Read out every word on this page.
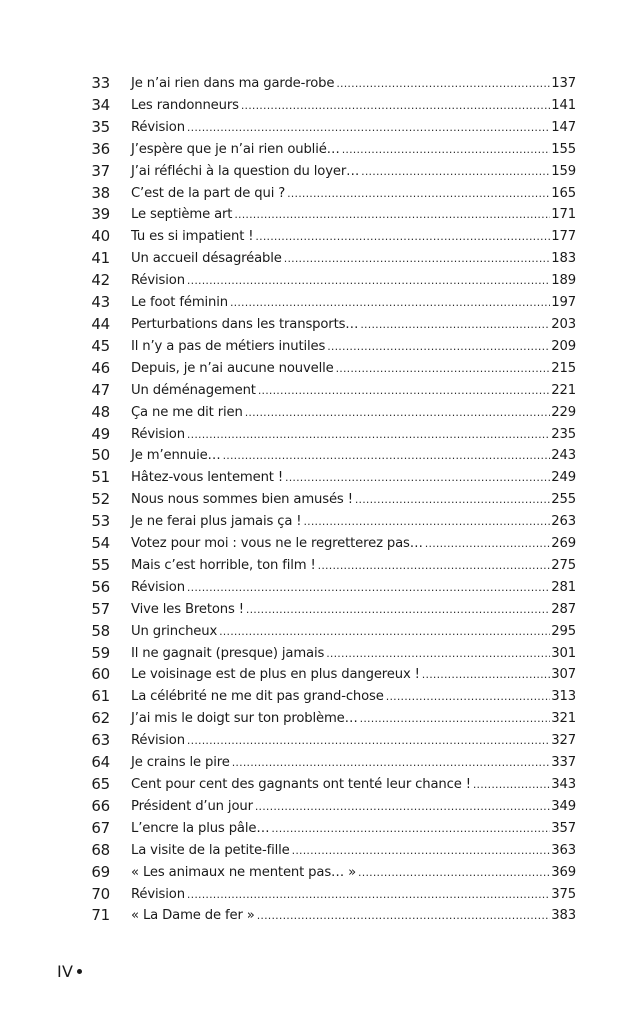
33 Je n’ai rien dans ma garde-robe .....	137
34 Les randonneurs .....	141
35 Révision .....	147
36 J’espère que je n’ai rien oublié… .....	155
37 J’ai réfléchi à la question du loyer… .....	159
38 C’est de la part de qui ? .....	165
39 Le septième art .....	171
40 Tu es si impatient ! .....	177
41 Un accueil désagréable .....	183
42 Révision .....	189
43 Le foot féminin .....	197
44 Perturbations dans les transports… .....	203
45 Il n’y a pas de métiers inutiles .....	209
46 Depuis, je n’ai aucune nouvelle .....	215
47 Un déménagement .....	221
48 Ça ne me dit rien .....	229
49 Révision .....	235
50 Je m’ennuie… .....	243
51 Hâtez-vous lentement ! .....	249
52 Nous nous sommes bien amusés ! .....	255
53 Je ne ferai plus jamais ça ! .....	263
54 Votez pour moi : vous ne le regretterez pas… .....	269
55 Mais c’est horrible, ton film ! .....	275
56 Révision .....	281
57 Vive les Bretons ! .....	287
58 Un grincheux .....	295
59 Il ne gagnait (presque) jamais .....	301
60 Le voisinage est de plus en plus dangereux ! .....	307
61 La célébrité ne me dit pas grand-chose .....	313
62 J’ai mis le doigt sur ton problème… .....	321
63 Révision .....	327
64 Je crains le pire .....	337
65 Cent pour cent des gagnants ont tenté leur chance ! .....	343
66 Président d’un jour .....	349
67 L’encre la plus pâle… .....	357
68 La visite de la petite-fille .....	363
69 « Les animaux ne mentent pas… » .....	369
70 Révision .....	375
71 « La Dame de fer » .....	383
IV
